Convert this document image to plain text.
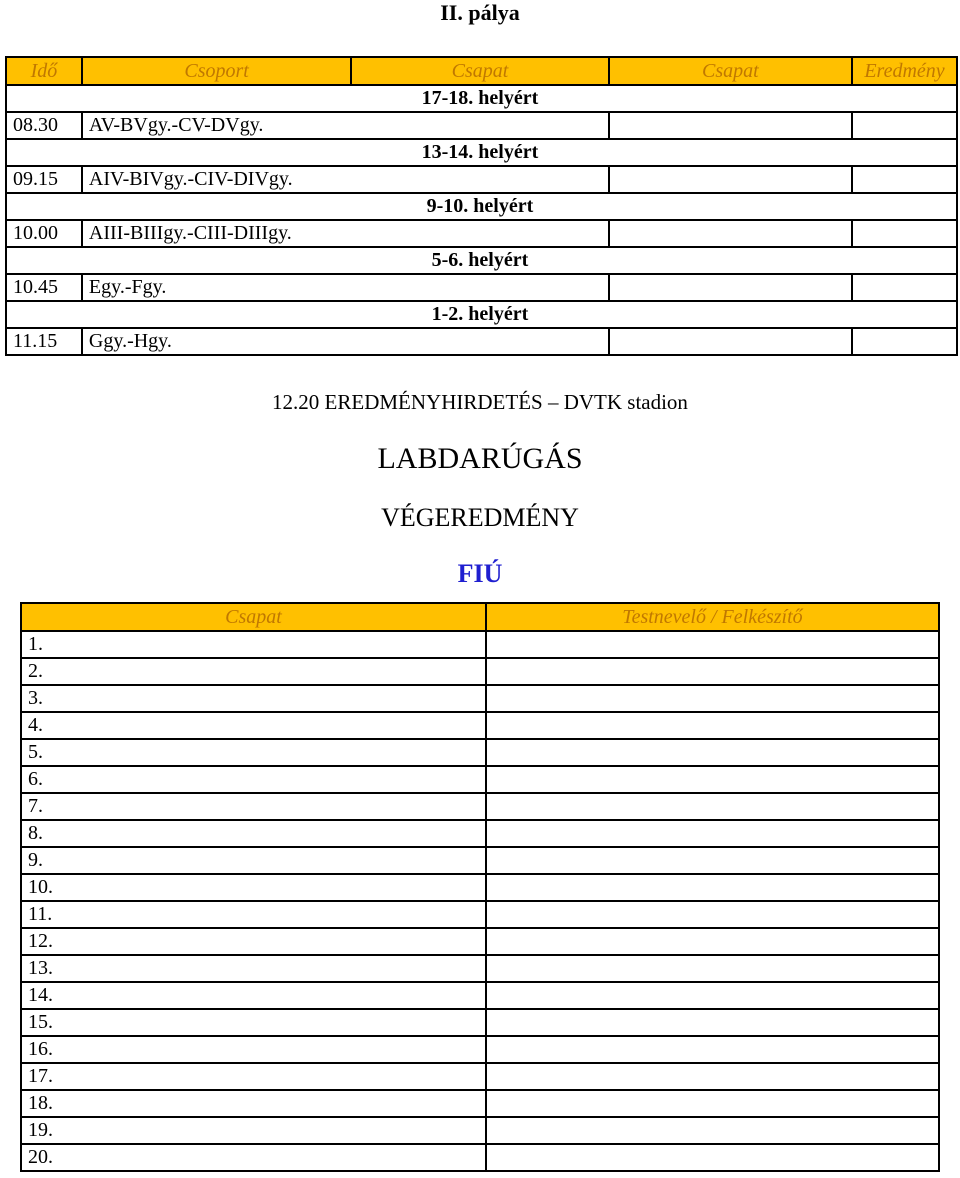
II. pálya
Idő	Csoport	Csapat	Csapat	Eredmény
		17-18. helyért		
08.30	AV-BVgy.-CV-DVgy.			
		13-14. helyért		
09.15	AIV-BIVgy.-CIV-DIVgy.			
		9-10. helyért		
10.00	AIII-BIIIgy.-CIII-DIIIgy.			
		5-6. helyért		
10.45	Egy.-Fgy.			
		1-2. helyért		
11.15	Ggy.-Hgy.			
12.20 EREDMÉNYHIRDETÉS – DVTK stadion
LABDARÚGÁS
VÉGEREDMÉNY
FIÚ
Csapat	Testnevelő / Felkészítő
1.	
2.	
3.	
4.	
5.	
6.	
7.	
8.	
9.	
10.	
11.	
12.	
13.	
14.	
15.	
16.	
17.	
18.	
19.	
20.	
